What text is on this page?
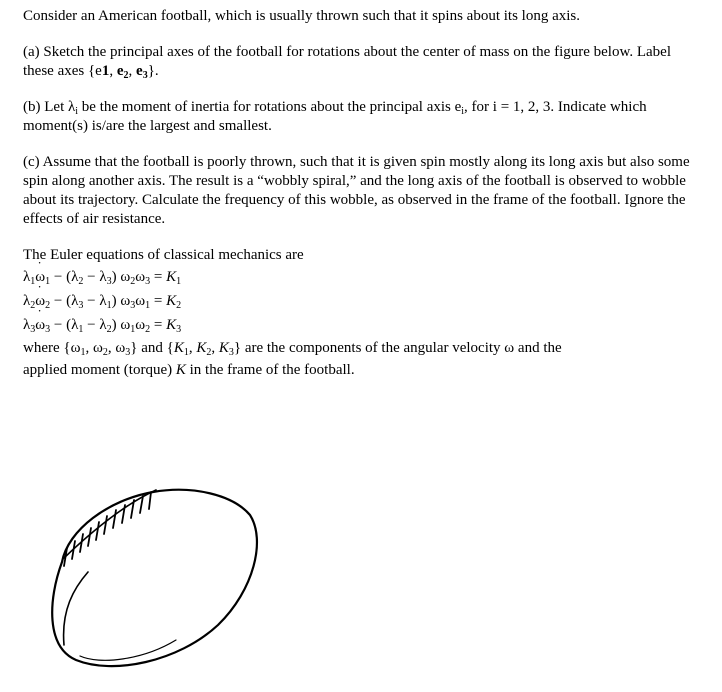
Consider an American football, which is usually thrown such that it spins about its long axis.

(a) Sketch the principal axes of the football for rotations about the center of mass on the figure below. Label these axes {e1, $e_2$, $e_3$}.

(b) Let $\lambda_i$ be the moment of inertia for rotations about the principal axis $e_i$, for i = 1, 2, 3. Indicate which moment(s) is/are the largest and smallest.

(c) Assume that the football is poorly thrown, such that it is given spin mostly along its long axis but also some spin along another axis. The result is a “wobbly spiral,” and the long axis of the football is observed to wobble about its trajectory. Calculate the frequency of this wobble, as observed in the frame of the football. Ignore the effects of air resistance.

The Euler equations of classical mechanics are

$\lambda_1\omega$ $˙_1 - (\lambda_2 - \lambda_3) \omega_2\omega_3 = K_1$
$\lambda_2\omega$ $˙_2 - (\lambda_3 - \lambda_1) \omega_3\omega_1 = K_2$
$\lambda_3\omega$ $˙_3 - (\lambda_1 - \lambda_2) \omega_1\omega_2 = K_3$

where {$\omega_1$, $\omega_2$, $\omega_3$} and {$K_1$, $K_2$, $K_3$} are the components of the angular velocity ω and the

applied moment (torque) K in the frame of the football.
